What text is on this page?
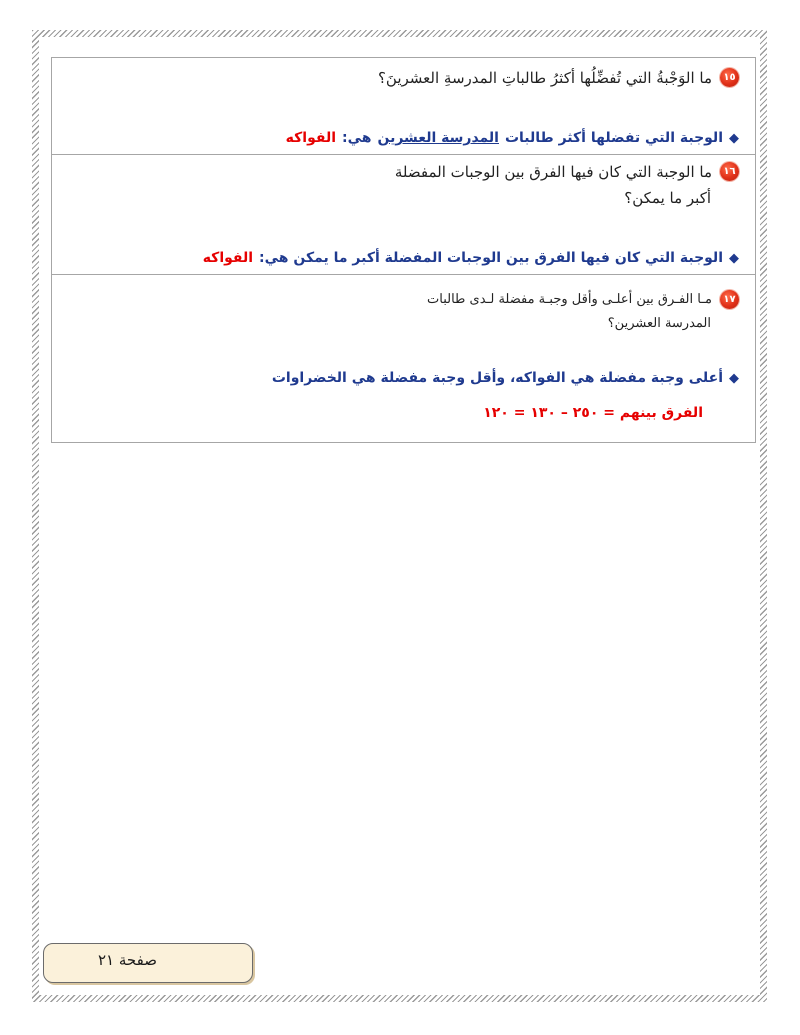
١٥
ما الوَجْبةُ التي تُفضِّلُها أكثرُ طالباتِ المدرسةِ العشرينَ؟
◆
الوجبة التي تفضلها أكثر طالبات
المدرسة العشرين
هي:
الفواكه
١٦
ما الوجبة التي كان فيها الفرق بين الوجبات المفضلة
أكبر ما يمكن؟
◆
الوجبة التي كان فيها الفرق بين الوجبات المفضلة أكبر ما يمكن هي:
الفواكه
١٧
مـا الفـرق بين أعلـى وأقل وجبـة مفضلة لـدى طالبات
المدرسة العشرين؟
◆
أعلى وجبة مفضلة هي الفواكه، وأقل وجبة مفضلة هي الخضراوات
الفرق بينهم = ٢٥٠ – ١٣٠ = ١٢٠
صفحة ٢١
